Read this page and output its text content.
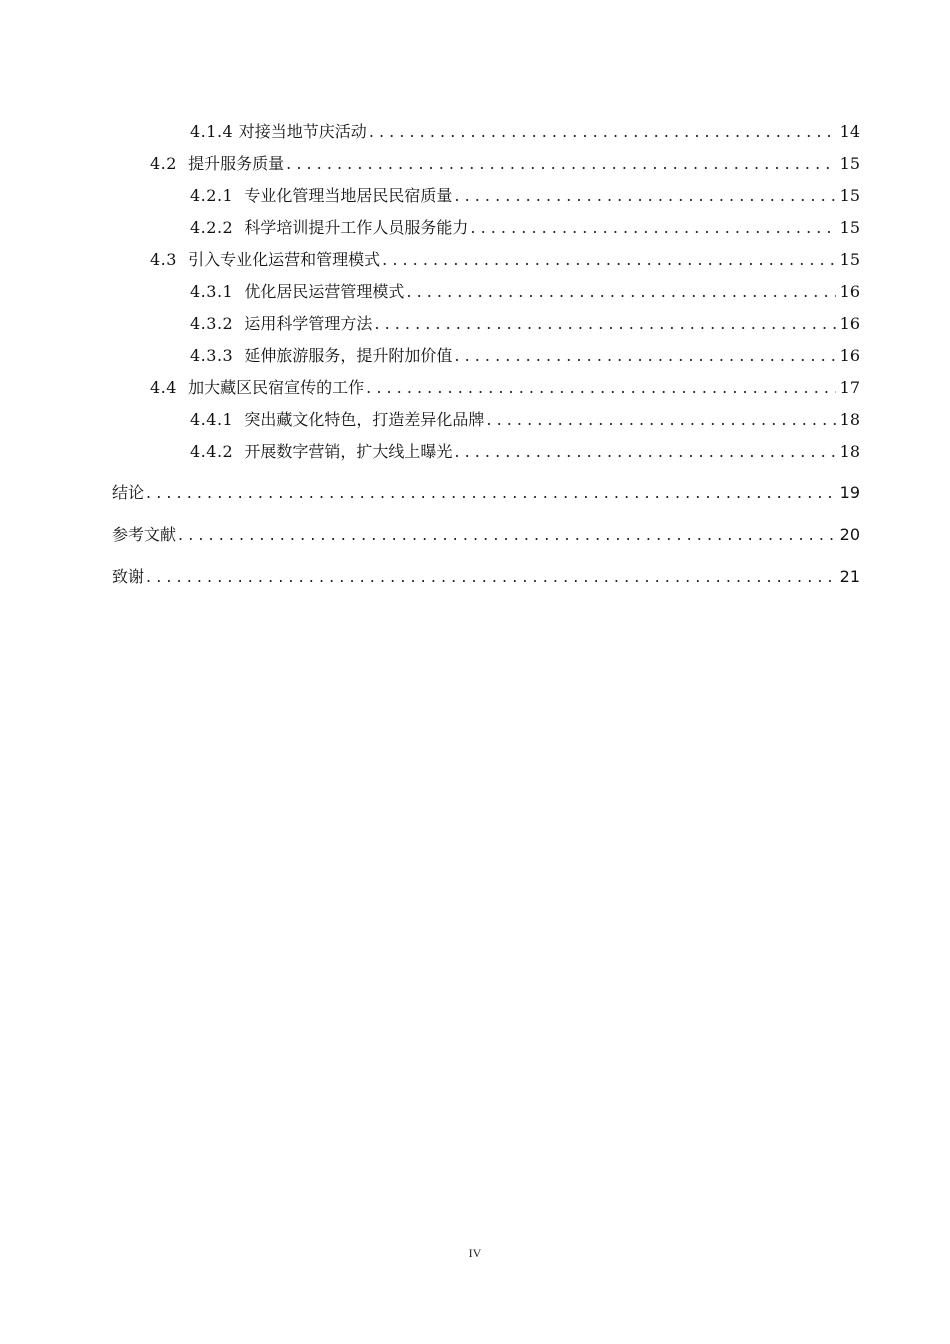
4.1.4 对接当地节庆活动 . . .	14
4.2 提升服务质量 . . .	15
4.2.1 专业化管理当地居民民宿质量 . . .	15
4.2.2 科学培训提升工作人员服务能力 . . .	15
4.3 引入专业化运营和管理模式 . . .	15
4.3.1 优化居民运营管理模式 . . .	16
4.3.2 运用科学管理方法 . . .	16
4.3.3 延伸旅游服务，提升附加价值 . . .	16
4.4 加大藏区民宿宣传的工作 . . .	17
4.4.1 突出藏文化特色，打造差异化品牌 . . .	18
4.4.2 开展数字营销，扩大线上曝光 . . .	18
结论 . . .	19
参考文献 . . .	20
致谢 . . .	21
IV
